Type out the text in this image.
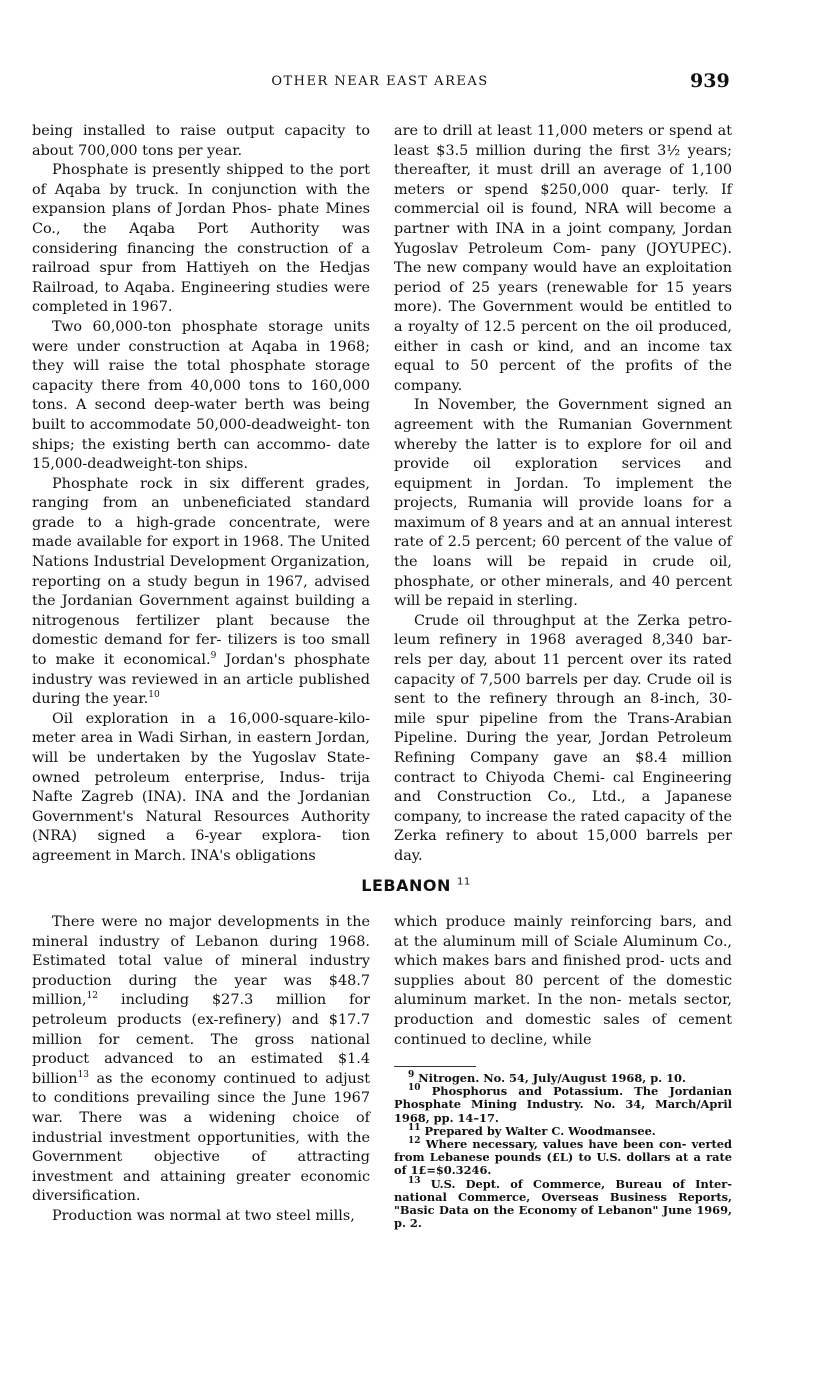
OTHER NEAR EAST AREAS	939

being installed to raise output capacity to about 700,000 tons per year.

Phosphate is presently shipped to the port of Aqaba by truck. In conjunction with the expansion plans of Jordan Phos- phate Mines Co., the Aqaba Port Authority was considering financing the construction of a railroad spur from Hattiyeh on the Hedjas Railroad, to Aqaba. Engineering studies were completed in 1967.

Two 60,000-ton phosphate storage units were under construction at Aqaba in 1968; they will raise the total phosphate storage capacity there from 40,000 tons to 160,000 tons. A second deep-water berth was being built to accommodate 50,000-deadweight- ton ships; the existing berth can accommo- date 15,000-deadweight-ton ships.

Phosphate rock in six different grades, ranging from an unbeneficiated standard grade to a high-grade concentrate, were made available for export in 1968. The United Nations Industrial Development Organization, reporting on a study begun in 1967, advised the Jordanian Government against building a nitrogenous fertilizer plant because the domestic demand for fer- tilizers is too small to make it economical.$^9$ Jordan's phosphate industry was reviewed in an article published during the year.$^{10}$

Oil exploration in a 16,000-square-kilo- meter area in Wadi Sirhan, in eastern Jordan, will be undertaken by the Yugoslav State-owned petroleum enterprise, Indus- trija Nafte Zagreb (INA). INA and the Jordanian Government's Natural Resources Authority (NRA) signed a 6-year explora- tion agreement in March. INA's obligations

are to drill at least 11,000 meters or spend at least $3.5 million during the first 3½ years; thereafter, it must drill an average of 1,100 meters or spend $250,000 quar- terly. If commercial oil is found, NRA will become a partner with INA in a joint company, Jordan Yugoslav Petroleum Com- pany (JOYUPEC). The new company would have an exploitation period of 25 years (renewable for 15 years more). The Government would be entitled to a royalty of 12.5 percent on the oil produced, either in cash or kind, and an income tax equal to 50 percent of the profits of the company.

In November, the Government signed an agreement with the Rumanian Government whereby the latter is to explore for oil and provide oil exploration services and equipment in Jordan. To implement the projects, Rumania will provide loans for a maximum of 8 years and at an annual interest rate of 2.5 percent; 60 percent of the value of the loans will be repaid in crude oil, phosphate, or other minerals, and 40 percent will be repaid in sterling.

Crude oil throughput at the Zerka petro- leum refinery in 1968 averaged 8,340 bar- rels per day, about 11 percent over its rated capacity of 7,500 barrels per day. Crude oil is sent to the refinery through an 8-inch, 30-mile spur pipeline from the Trans-Arabian Pipeline. During the year, Jordan Petroleum Refining Company gave an $8.4 million contract to Chiyoda Chemi- cal Engineering and Construction Co., Ltd., a Japanese company, to increase the rated capacity of the Zerka refinery to about 15,000 barrels per day.

LEBANON $^{11}$

There were no major developments in the mineral industry of Lebanon during 1968. Estimated total value of mineral industry production during the year was $48.7 million,$^{12}$ including $27.3 million for petroleum products (ex-refinery) and $17.7 million for cement. The gross national product advanced to an estimated $1.4 billion$^{13}$ as the economy continued to adjust to conditions prevailing since the June 1967 war. There was a widening choice of industrial investment opportunities, with the Government objective of attracting investment and attaining greater economic diversification.

Production was normal at two steel mills,

which produce mainly reinforcing bars, and at the aluminum mill of Sciale Aluminum Co., which makes bars and finished prod- ucts and supplies about 80 percent of the domestic aluminum market. In the non- metals sector, production and domestic sales of cement continued to decline, while

$^9$ Nitrogen. No. 54, July/August 1968, p. 10.

$^{10}$ Phosphorus and Potassium. The Jordanian Phosphate Mining Industry. No. 34, March/April 1968, pp. 14–17.

$^{11}$ Prepared by Walter C. Woodmansee.

$^{12}$ Where necessary, values have been con- verted from Lebanese pounds (£L) to U.S. dollars at a rate of 1£=$0.3246.

$^{13}$ U.S. Dept. of Commerce, Bureau of Inter- national Commerce, Overseas Business Reports, "Basic Data on the Economy of Lebanon" June 1969, p. 2.
